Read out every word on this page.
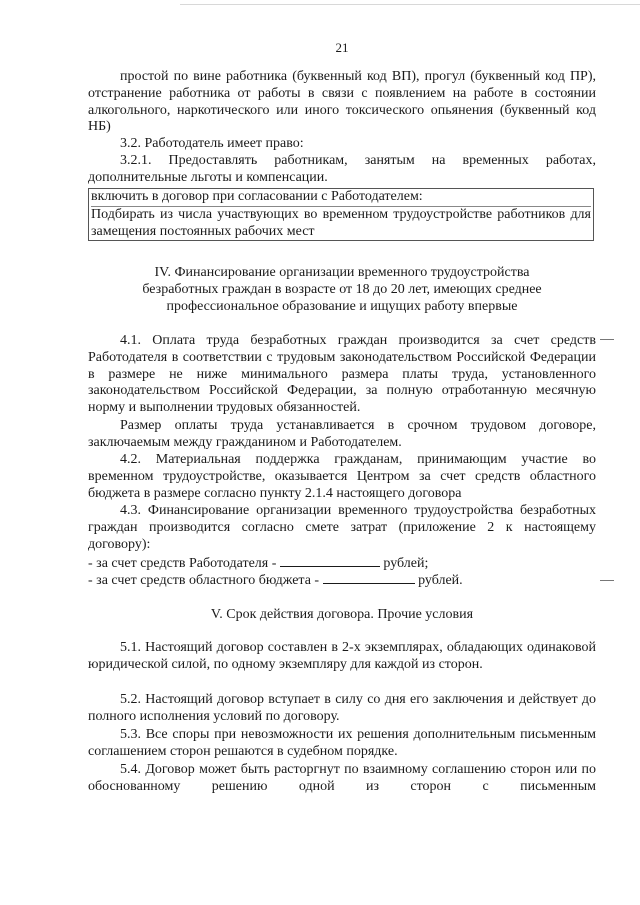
21

простой по вине работника (буквенный код ВП), прогул (буквенный код ПР), отстранение работника от работы в связи с появлением на работе в состоянии алкогольного, наркотического или иного токсического опьянения (буквенный код НБ)

3.2. Работодатель имеет право:

3.2.1. Предоставлять работникам, занятым на временных работах, дополнительные льготы и компенсации.

включить в договор при согласовании с Работодателем:

Подбирать из числа участвующих во временном трудоустройстве работников для замещения постоянных рабочих мест

IV. Финансирование организации временного трудоустройства
безработных граждан в возрасте от 18 до 20 лет, имеющих среднее
профессиональное образование и ищущих работу впервые

4.1. Оплата труда безработных граждан производится за счет средств Работодателя в соответствии с трудовым законодательством Российской Федерации в размере не ниже минимального размера платы труда, установленного законодательством Российской Федерации, за полную отработанную месячную норму и выполнении трудовых обязанностей.

Размер оплаты труда устанавливается в срочном трудовом договоре, заключаемым между гражданином и Работодателем.

4.2. Материальная поддержка гражданам, принимающим участие во временном трудоустройстве, оказывается Центром за счет средств областного бюджета в размере согласно пункту 2.1.4 настоящего договора

4.3. Финансирование организации временного трудоустройства безработных граждан производится согласно смете затрат (приложение 2 к настоящему договору):

- за счет средств Работодателя -	рублей;
- за счет средств областного бюджета -	рублей.
V. Срок действия договора. Прочие условия

5.1. Настоящий договор составлен в 2-х экземплярах, обладающих одинаковой юридической силой, по одному экземпляру для каждой из сторон.

5.2. Настоящий договор вступает в силу со дня его заключения и действует до полного исполнения условий по договору.

5.3. Все споры при невозможности их решения дополнительным письменным соглашением сторон решаются в судебном порядке.

5.4. Договор может быть расторгнут по взаимному соглашению сторон или по обоснованному решению одной из сторон с письменным
